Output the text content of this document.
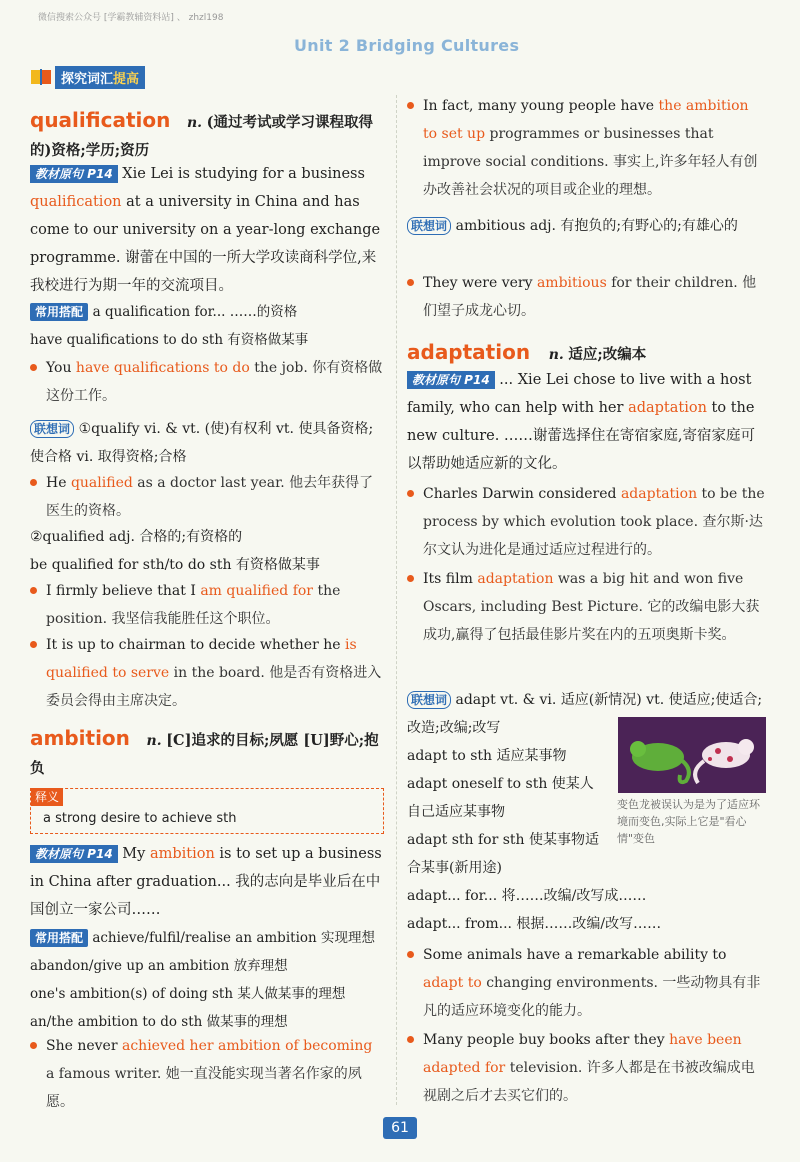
微信搜索公众号 [学霸教辅资料站] 、 zhzl198
Unit 2 Bridging Cultures
探究词汇提高
qualification n. (通过考试或学习课程取得的)资格;学历;资历
教材原句 P14 Xie Lei is studying for a business qualification at a university in China and has come to our university on a year-long exchange programme. 谢蕾在中国的一所大学攻读商科学位,来我校进行为期一年的交流项目。
常用搭配 a qualification for... ……的资格
have qualifications to do sth 有资格做某事
You have qualifications to do the job. 你有资格做这份工作。
联想词 ①qualify vi. & vt. (使)有权利 vt. 使具备资格;使合格 vi. 取得资格;合格
He qualified as a doctor last year. 他去年获得了医生的资格。
②qualified adj. 合格的;有资格的
be qualified for sth/to do sth 有资格做某事
I firmly believe that I am qualified for the position. 我坚信我能胜任这个职位。
It is up to chairman to decide whether he is qualified to serve in the board. 他是否有资格进入委员会得由主席决定。
ambition n. [C]追求的目标;夙愿 [U]野心;抱负
释义
a strong desire to achieve sth
教材原句 P14 My ambition is to set up a business in China after graduation... 我的志向是毕业后在中国创立一家公司……
常用搭配 achieve/fulfil/realise an ambition 实现理想
abandon/give up an ambition 放弃理想
one's ambition(s) of doing sth 某人做某事的理想
an/the ambition to do sth 做某事的理想
She never achieved her ambition of becoming a famous writer. 她一直没能实现当著名作家的夙愿。
In fact, many young people have the ambition to set up programmes or businesses that improve social conditions. 事实上,许多年轻人有创办改善社会状况的项目或企业的理想。
联想词 ambitious adj. 有抱负的;有野心的;有雄心的
They were very ambitious for their children. 他们望子成龙心切。
adaptation n. 适应;改编本
教材原句 P14 ... Xie Lei chose to live with a host family, who can help with her adaptation to the new culture. ……谢蕾选择住在寄宿家庭,寄宿家庭可以帮助她适应新的文化。
Charles Darwin considered adaptation to be the process by which evolution took place. 查尔斯·达尔文认为进化是通过适应过程进行的。
Its film adaptation was a big hit and won five Oscars, including Best Picture. 它的改编电影大获成功,赢得了包括最佳影片奖在内的五项奥斯卡奖。
联想词 adapt vt. & vi. 适应(新情况) vt. 使适应;使适合;改造;改编;改写
adapt to sth 适应某事物
adapt oneself to sth 使某人自己适应某事物
adapt sth for sth 使某事物适合某事(新用途)
adapt... for... 将……改编/改写成……
adapt... from... 根据……改编/改写……
Some animals have a remarkable ability to adapt to changing environments. 一些动物具有非凡的适应环境变化的能力。
Many people buy books after they have been adapted for television. 许多人都是在书被改编成电视剧之后才去买它们的。
变色龙被误认为是为了适应环境而变色,实际上它是"看心情"变色
61
